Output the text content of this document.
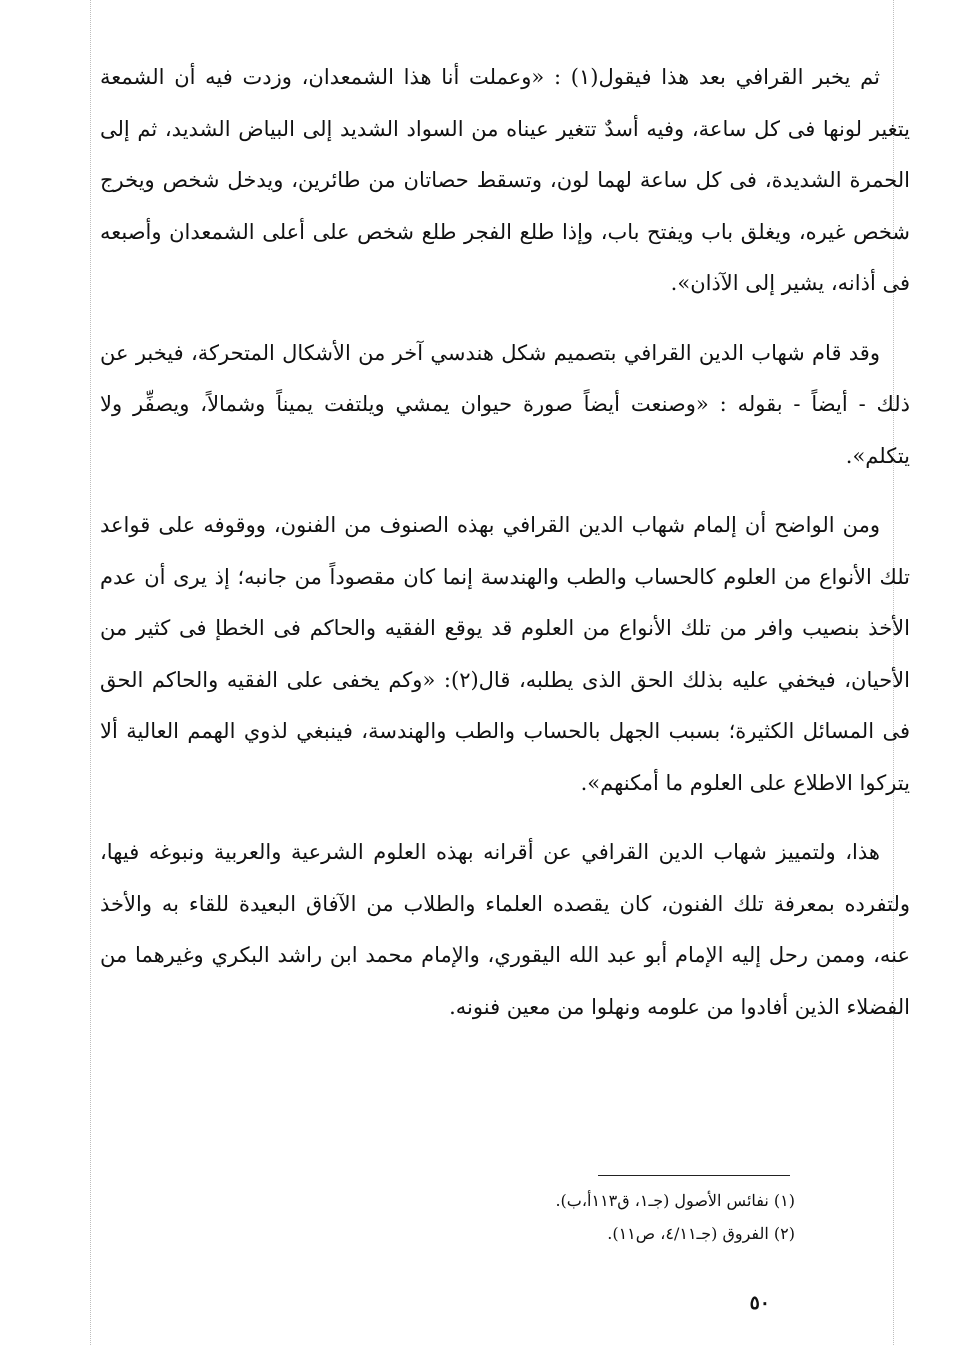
ثم يخبر القرافي بعد هذا فيقول(١) : «وعملت أنا هذا الشمعدان، وزدت فيه أن الشمعة يتغير لونها فى كل ساعة، وفيه أسدٌ تتغير عيناه من السواد الشديد إلى البياض الشديد، ثم إلى الحمرة الشديدة، فى كل ساعة لهما لون، وتسقط حصاتان من طائرين، ويدخل شخص ويخرج شخص غيره، ويغلق باب ويفتح باب، وإذا طلع الفجر طلع شخص على أعلى الشمعدان وأصبعه فى أذانه، يشير إلى الآذان».

وقد قام شهاب الدين القرافي بتصميم شكل هندسي آخر من الأشكال المتحركة، فيخبر عن ذلك - أيضاً - بقوله : «وصنعت أيضاً صورة حيوان يمشي ويلتفت يميناً وشمالاً، ويصفِّر ولا يتكلم».

ومن الواضح أن إلمام شهاب الدين القرافي بهذه الصنوف من الفنون، ووقوفه على قواعد تلك الأنواع من العلوم كالحساب والطب والهندسة إنما كان مقصوداً من جانبه؛ إذ يرى أن عدم الأخذ بنصيب وافر من تلك الأنواع من العلوم قد يوقع الفقيه والحاكم فى الخطإ فى كثير من الأحيان، فيخفي عليه بذلك الحق الذى يطلبه، قال(٢): «وكم يخفى على الفقيه والحاكم الحق فى المسائل الكثيرة؛ بسبب الجهل بالحساب والطب والهندسة، فينبغي لذوي الهمم العالية ألا يتركوا الاطلاع على العلوم ما أمكنهم».

هذا، ولتمييز شهاب الدين القرافي عن أقرانه بهذه العلوم الشرعية والعربية ونبوغه فيها، ولتفرده بمعرفة تلك الفنون، كان يقصده العلماء والطلاب من الآفاق البعيدة للقاء به والأخذ عنه، وممن رحل إليه الإمام أبو عبد الله اليقوري، والإمام محمد ابن راشد البكري وغيرهما من الفضلاء الذين أفادوا من علومه ونهلوا من معين فنونه.

(١) نفائس الأصول (جـ١، ق١١٣أ،ب).

(٢) الفروق (جـ٤/١١، ص١١).

٥٠
